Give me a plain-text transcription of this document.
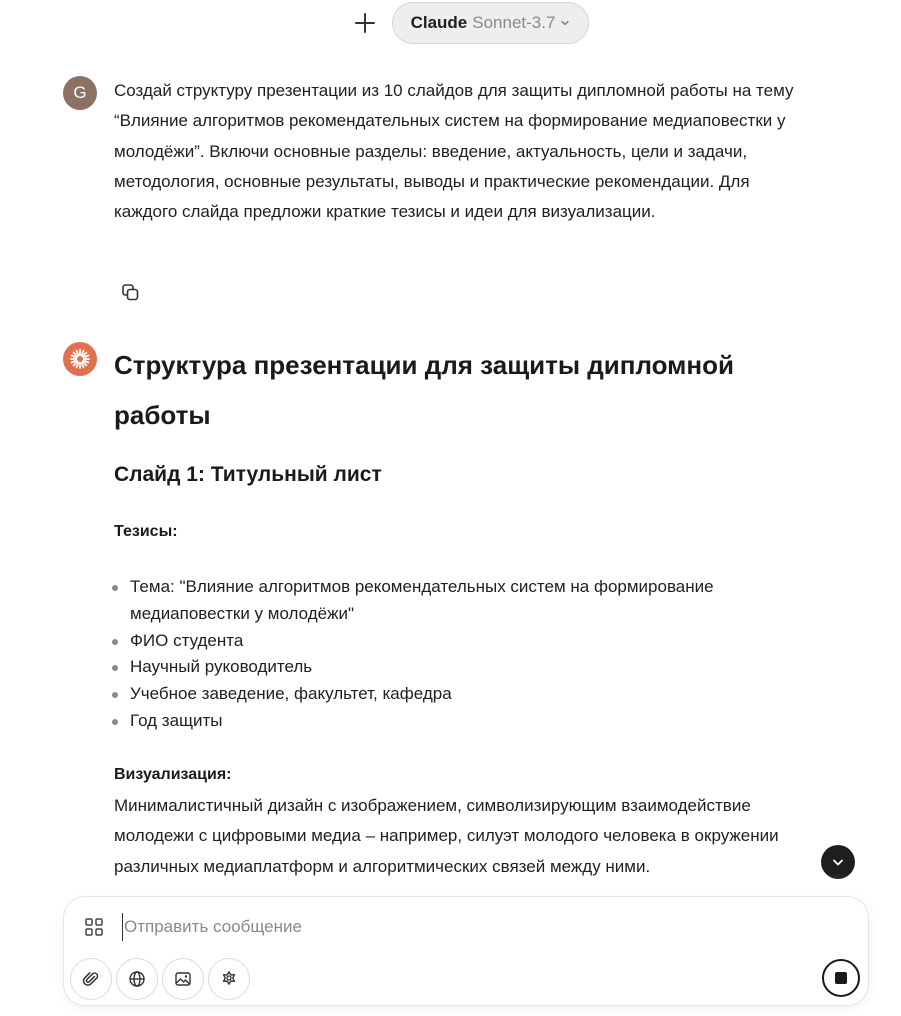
Claude Sonnet-3.7
G	Создай структуру презентации из 10 слайдов для защиты дипломной работы на тему “Влияние алгоритмов рекомендательных систем на формирование медиаповестки у молодёжи”. Включи основные разделы: введение, актуальность, цели и задачи, методология, основные результаты, выводы и практические рекомендации. Для каждого слайда предложи краткие тезисы и идеи для визуализации.
Структура презентации для защиты дипломной работы
Слайд 1: Титульный лист
Тезисы:
Тема: "Влияние алгоритмов рекомендательных систем на формирование медиаповестки у молодёжи"
ФИО студента
Научный руководитель
Учебное заведение, факультет, кафедра
Год защиты
Визуализация:
Минималистичный дизайн с изображением, символизирующим взаимодействие молодежи с цифровыми медиа – например, силуэт молодого человека в окружении различных медиаплатформ и алгоритмических связей между ними.
Отправить сообщение
